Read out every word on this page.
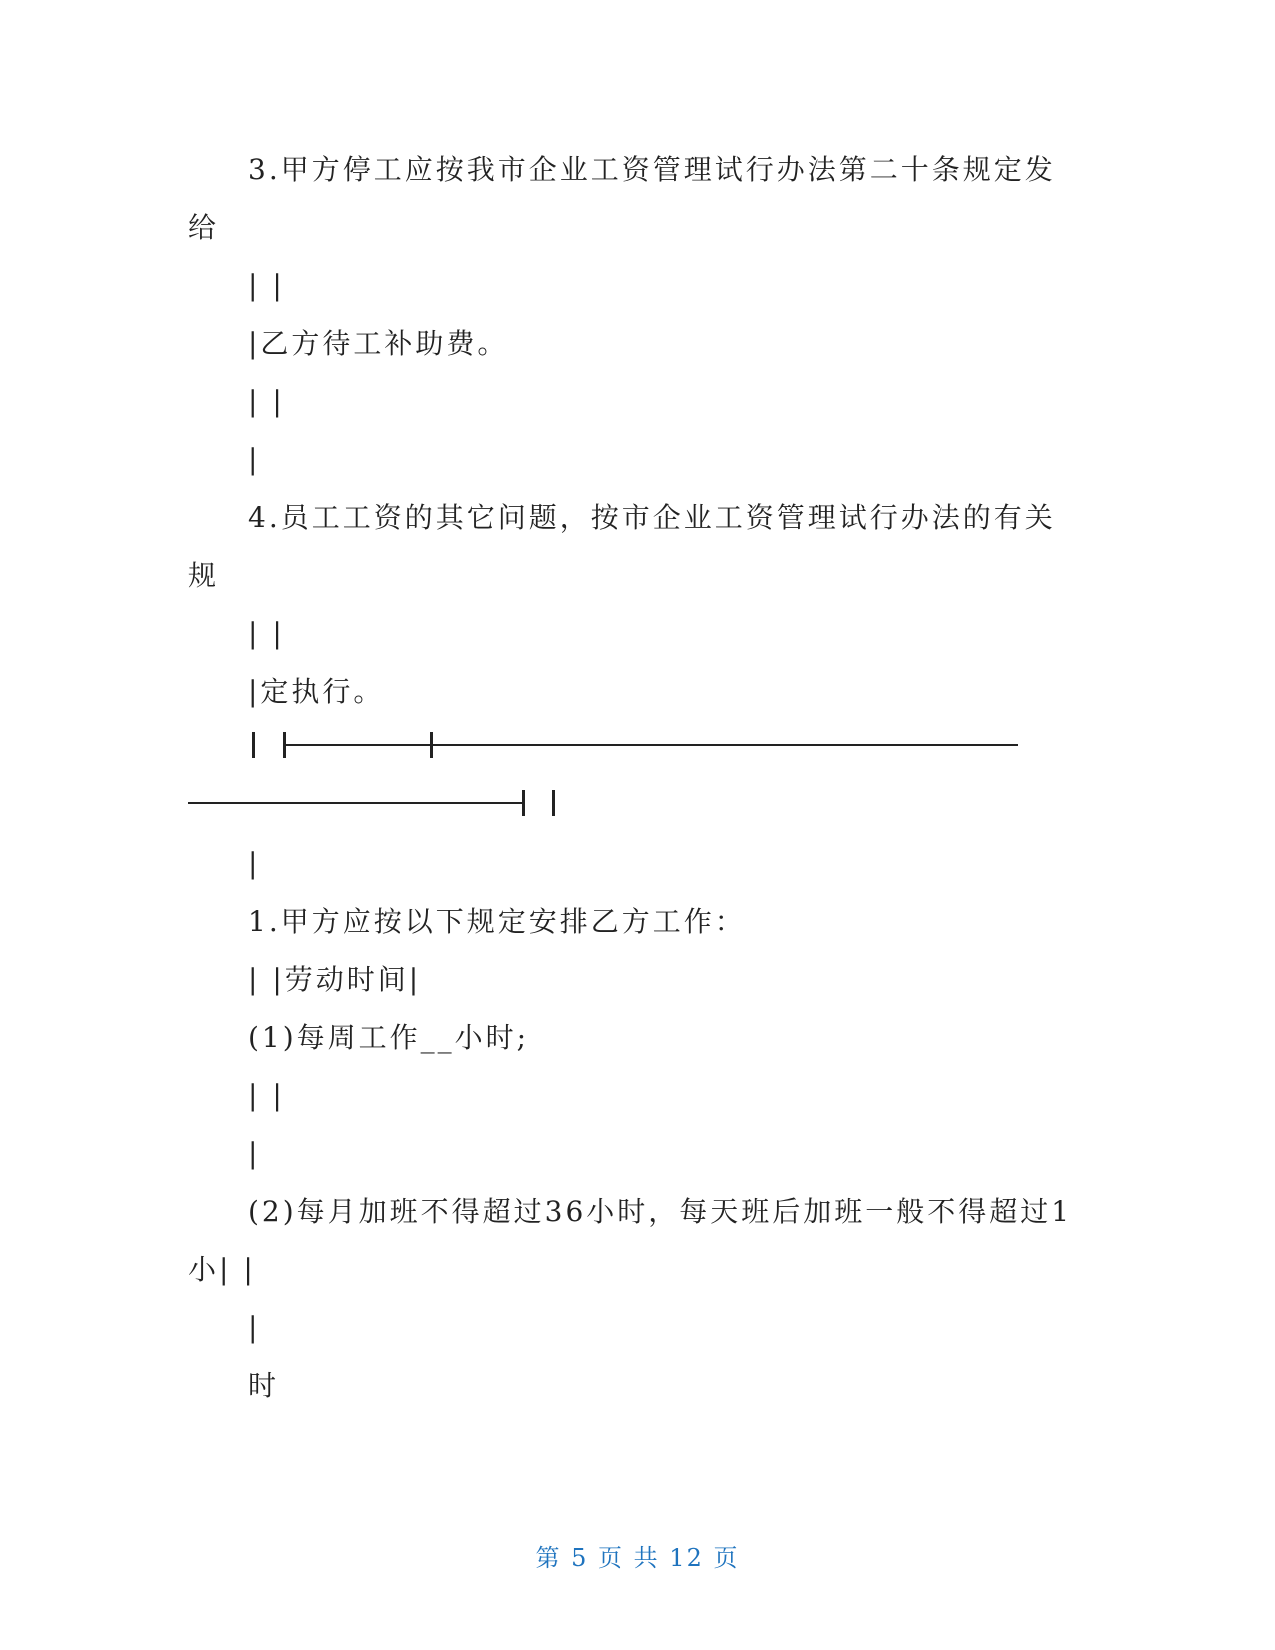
3.甲方停工应按我市企业工资管理试行办法第二十条规定发
给
| |
|乙方待工补助费。
| |
|
4.员工工资的其它问题，按市企业工资管理试行办法的有关
规
| |
|定执行。
|
1.甲方应按以下规定安排乙方工作：
| |劳动时间|
(1)每周工作__小时;
| |
|
(2)每月加班不得超过36小时，每天班后加班一般不得超过1
小| |
|
时
第 5 页 共 12 页
